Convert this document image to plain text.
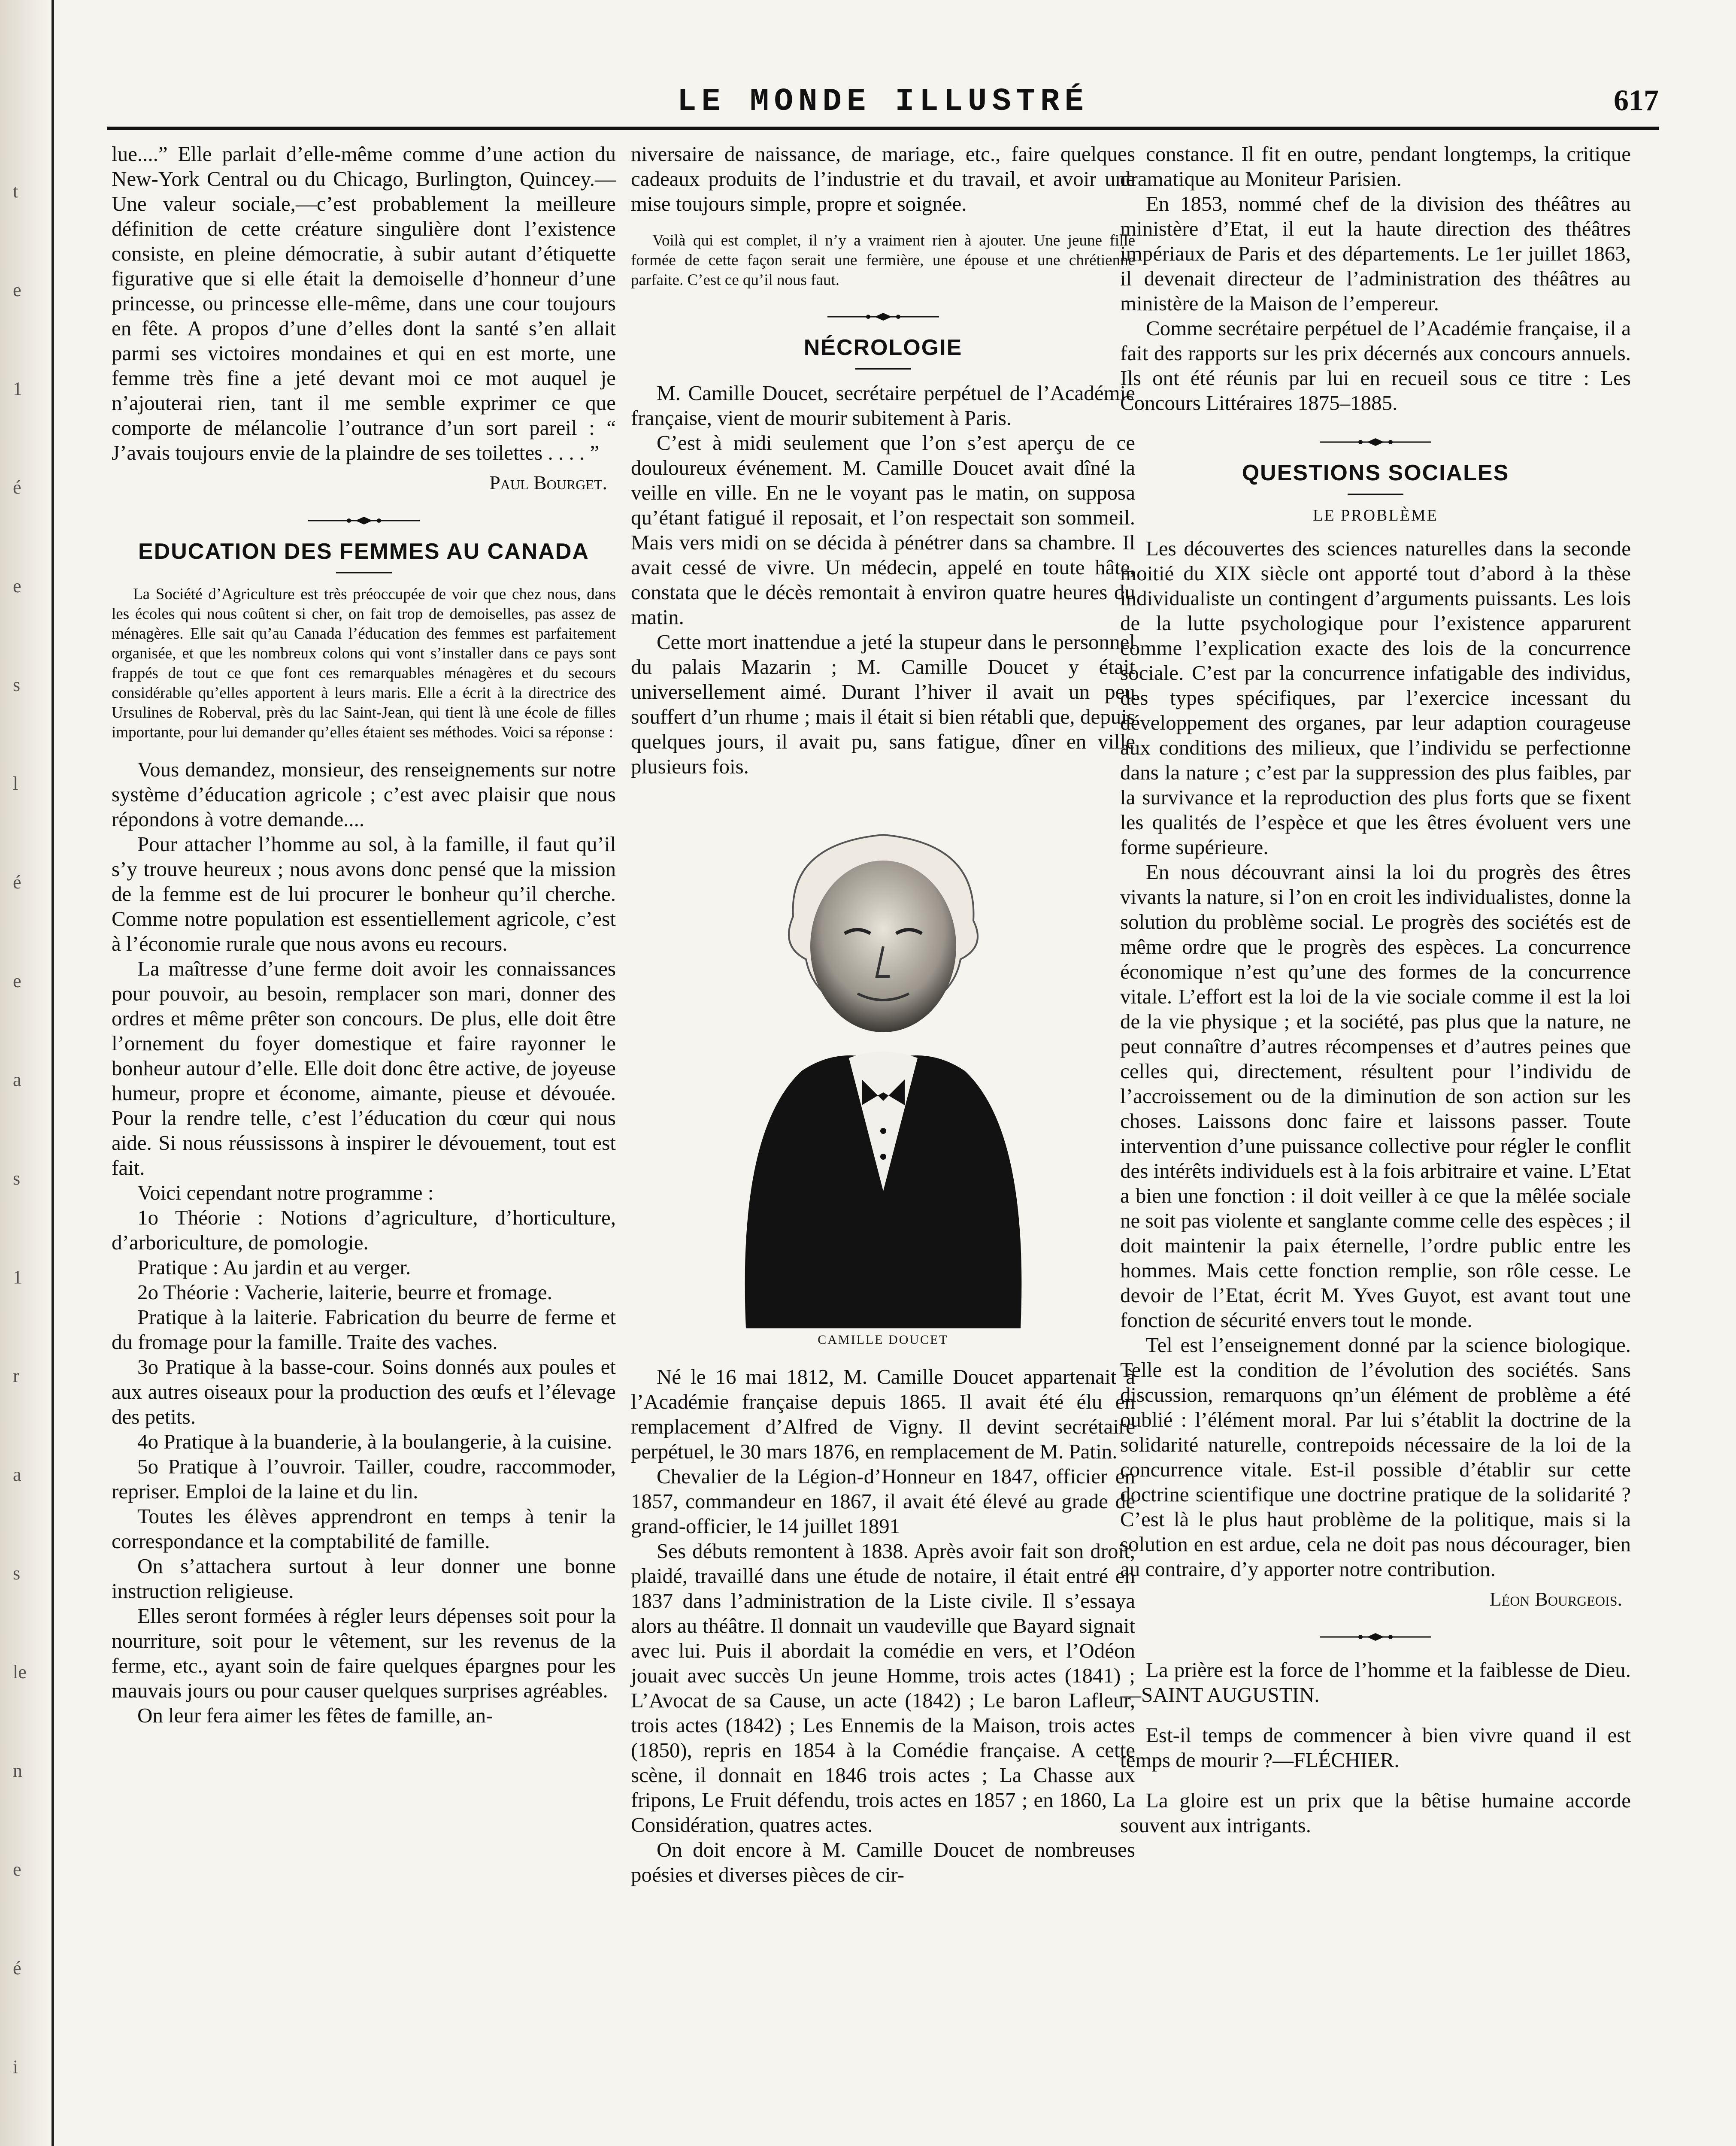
t
e
1
é
e
s
l
é
e
a
s
1
r
a
s
le
n
e
é
i
LE MONDE ILLUSTRÉ	617

lue....” Elle parlait d’elle-même comme d’une action du New-York Central ou du Chicago, Burlington, Quincey.—Une valeur sociale,—c’est probablement la meilleure définition de cette créature singulière dont l’existence consiste, en pleine démocratie, à subir autant d’étiquette figurative que si elle était la demoiselle d’honneur d’une princesse, ou princesse elle-même, dans une cour toujours en fête. A propos d’une d’elles dont la santé s’en allait parmi ses victoires mondaines et qui en est morte, une femme très fine a jeté devant moi ce mot auquel je n’ajouterai rien, tant il me semble exprimer ce que comporte de mélancolie l’outrance d’un sort pareil : “ J’avais toujours envie de la plaindre de ses toilettes . . . . ”

Paul Bourget.
EDUCATION DES FEMMES AU CANADA

La Société d’Agriculture est très préoccupée de voir que chez nous, dans les écoles qui nous coûtent si cher, on fait trop de demoiselles, pas assez de ménagères. Elle sait qu’au Canada l’éducation des femmes est parfaitement organisée, et que les nombreux colons qui vont s’installer dans ce pays sont frappés de tout ce que font ces remarquables ménagères et du secours considérable qu’elles apportent à leurs maris. Elle a écrit à la directrice des Ursulines de Roberval, près du lac Saint-Jean, qui tient là une école de filles importante, pour lui demander qu’elles étaient ses méthodes. Voici sa réponse :

Vous demandez, monsieur, des renseignements sur notre système d’éducation agricole ; c’est avec plaisir que nous répondons à votre demande....

Pour attacher l’homme au sol, à la famille, il faut qu’il s’y trouve heureux ; nous avons donc pensé que la mission de la femme est de lui procurer le bonheur qu’il cherche. Comme notre population est essentiellement agricole, c’est à l’économie rurale que nous avons eu recours.

La maîtresse d’une ferme doit avoir les connaissances pour pouvoir, au besoin, remplacer son mari, donner des ordres et même prêter son concours. De plus, elle doit être l’ornement du foyer domestique et faire rayonner le bonheur autour d’elle. Elle doit donc être active, de joyeuse humeur, propre et économe, aimante, pieuse et dévouée. Pour la rendre telle, c’est l’éducation du cœur qui nous aide. Si nous réussissons à inspirer le dévouement, tout est fait.

Voici cependant notre programme :

1o Théorie : Notions d’agriculture, d’horticulture, d’arboriculture, de pomologie.

Pratique : Au jardin et au verger.

2o Théorie : Vacherie, laiterie, beurre et fromage.

Pratique à la laiterie. Fabrication du beurre de ferme et du fromage pour la famille. Traite des vaches.

3o Pratique à la basse-cour. Soins donnés aux poules et aux autres oiseaux pour la production des œufs et l’élevage des petits.

4o Pratique à la buanderie, à la boulangerie, à la cuisine.

5o Pratique à l’ouvroir. Tailler, coudre, raccommoder, repriser. Emploi de la laine et du lin.

Toutes les élèves apprendront en temps à tenir la correspondance et la comptabilité de famille.

On s’attachera surtout à leur donner une bonne instruction religieuse.

Elles seront formées à régler leurs dépenses soit pour la nourriture, soit pour le vêtement, sur les revenus de la ferme, etc., ayant soin de faire quelques épargnes pour les mauvais jours ou pour causer quelques surprises agréables.

On leur fera aimer les fêtes de famille, an-

niversaire de naissance, de mariage, etc., faire quelques cadeaux produits de l’industrie et du travail, et avoir une mise toujours simple, propre et soignée.

Voilà qui est complet, il n’y a vraiment rien à ajouter. Une jeune fille formée de cette façon serait une fermière, une épouse et une chrétienne parfaite. C’est ce qu’il nous faut.

NÉCROLOGIE

M. Camille Doucet, secrétaire perpétuel de l’Académie française, vient de mourir subitement à Paris.

C’est à midi seulement que l’on s’est aperçu de ce douloureux événement. M. Camille Doucet avait dîné la veille en ville. En ne le voyant pas le matin, on supposa qu’étant fatigué il reposait, et l’on respectait son sommeil. Mais vers midi on se décida à pénétrer dans sa chambre. Il avait cessé de vivre. Un médecin, appelé en toute hâte, constata que le décès remontait à environ quatre heures du matin.

Cette mort inattendue a jeté la stupeur dans le personnel du palais Mazarin ; M. Camille Doucet y était universellement aimé. Durant l’hiver il avait un peu souffert d’un rhume ; mais il était si bien rétabli que, depuis quelques jours, il avait pu, sans fatigue, dîner en ville plusieurs fois.

CAMILLE DOUCET

Né le 16 mai 1812, M. Camille Doucet appartenait à l’Académie française depuis 1865. Il avait été élu en remplacement d’Alfred de Vigny. Il devint secrétaire perpétuel, le 30 mars 1876, en remplacement de M. Patin.

Chevalier de la Légion-d’Honneur en 1847, officier en 1857, commandeur en 1867, il avait été élevé au grade de grand-officier, le 14 juillet 1891

Ses débuts remontent à 1838. Après avoir fait son droit, plaidé, travaillé dans une étude de notaire, il était entré en 1837 dans l’administration de la Liste civile. Il s’essaya alors au théâtre. Il donnait un vaudeville que Bayard signait avec lui. Puis il abordait la comédie en vers, et l’Odéon jouait avec succès Un jeune Homme, trois actes (1841) ; L’Avocat de sa Cause, un acte (1842) ; Le baron Lafleur, trois actes (1842) ; Les Ennemis de la Maison, trois actes (1850), repris en 1854 à la Comédie française. A cette scène, il donnait en 1846 trois actes ; La Chasse aux fripons, Le Fruit défendu, trois actes en 1857 ; en 1860, La Considération, quatres actes.

On doit encore à M. Camille Doucet de nombreuses poésies et diverses pièces de cir-

constance. Il fit en outre, pendant longtemps, la critique dramatique au Moniteur Parisien.

En 1853, nommé chef de la division des théâtres au ministère d’Etat, il eut la haute direction des théâtres impériaux de Paris et des départements. Le 1er juillet 1863, il devenait directeur de l’administration des théâtres au ministère de la Maison de l’empereur.

Comme secrétaire perpétuel de l’Académie française, il a fait des rapports sur les prix décernés aux concours annuels. Ils ont été réunis par lui en recueil sous ce titre : Les Concours Littéraires 1875–1885.

QUESTIONS SOCIALES
LE PROBLÈME

Les découvertes des sciences naturelles dans la seconde moitié du XIX siècle ont apporté tout d’abord à la thèse individualiste un contingent d’arguments puissants. Les lois de la lutte psychologique pour l’existence apparurent comme l’explication exacte des lois de la concurrence sociale. C’est par la concurrence infatigable des individus, des types spécifiques, par l’exercice incessant du développement des organes, par leur adaption courageuse aux conditions des milieux, que l’individu se perfectionne dans la nature ; c’est par la suppression des plus faibles, par la survivance et la reproduction des plus forts que se fixent les qualités de l’espèce et que les êtres évoluent vers une forme supérieure.

En nous découvrant ainsi la loi du progrès des êtres vivants la nature, si l’on en croit les individualistes, donne la solution du problème social. Le progrès des sociétés est de même ordre que le progrès des espèces. La concurrence économique n’est qu’une des formes de la concurrence vitale. L’effort est la loi de la vie sociale comme il est la loi de la vie physique ; et la société, pas plus que la nature, ne peut connaître d’autres récompenses et d’autres peines que celles qui, directement, résultent pour l’individu de l’accroissement ou de la diminution de son action sur les choses. Laissons donc faire et laissons passer. Toute intervention d’une puissance collective pour régler le conflit des intérêts individuels est à la fois arbitraire et vaine. L’Etat a bien une fonction : il doit veiller à ce que la mêlée sociale ne soit pas violente et sanglante comme celle des espèces ; il doit maintenir la paix éternelle, l’ordre public entre les hommes. Mais cette fonction remplie, son rôle cesse. Le devoir de l’Etat, écrit M. Yves Guyot, est avant tout une fonction de sécurité envers tout le monde.

Tel est l’enseignement donné par la science biologique. Telle est la condition de l’évolution des sociétés. Sans discussion, remarquons qn’un élément de problème a été oublié : l’élément moral. Par lui s’établit la doctrine de la solidarité naturelle, contrepoids nécessaire de la loi de la concurrence vitale. Est-il possible d’établir sur cette doctrine scientifique une doctrine pratique de la solidarité ? C’est là le plus haut problème de la politique, mais si la solution en est ardue, cela ne doit pas nous décourager, bien au contraire, d’y apporter notre contribution.

Léon Bourgeois.

La prière est la force de l’homme et la faiblesse de Dieu.—SAINT AUGUSTIN.

Est-il temps de commencer à bien vivre quand il est temps de mourir ?—FLÉCHIER.

La gloire est un prix que la bêtise humaine accorde souvent aux intrigants.
